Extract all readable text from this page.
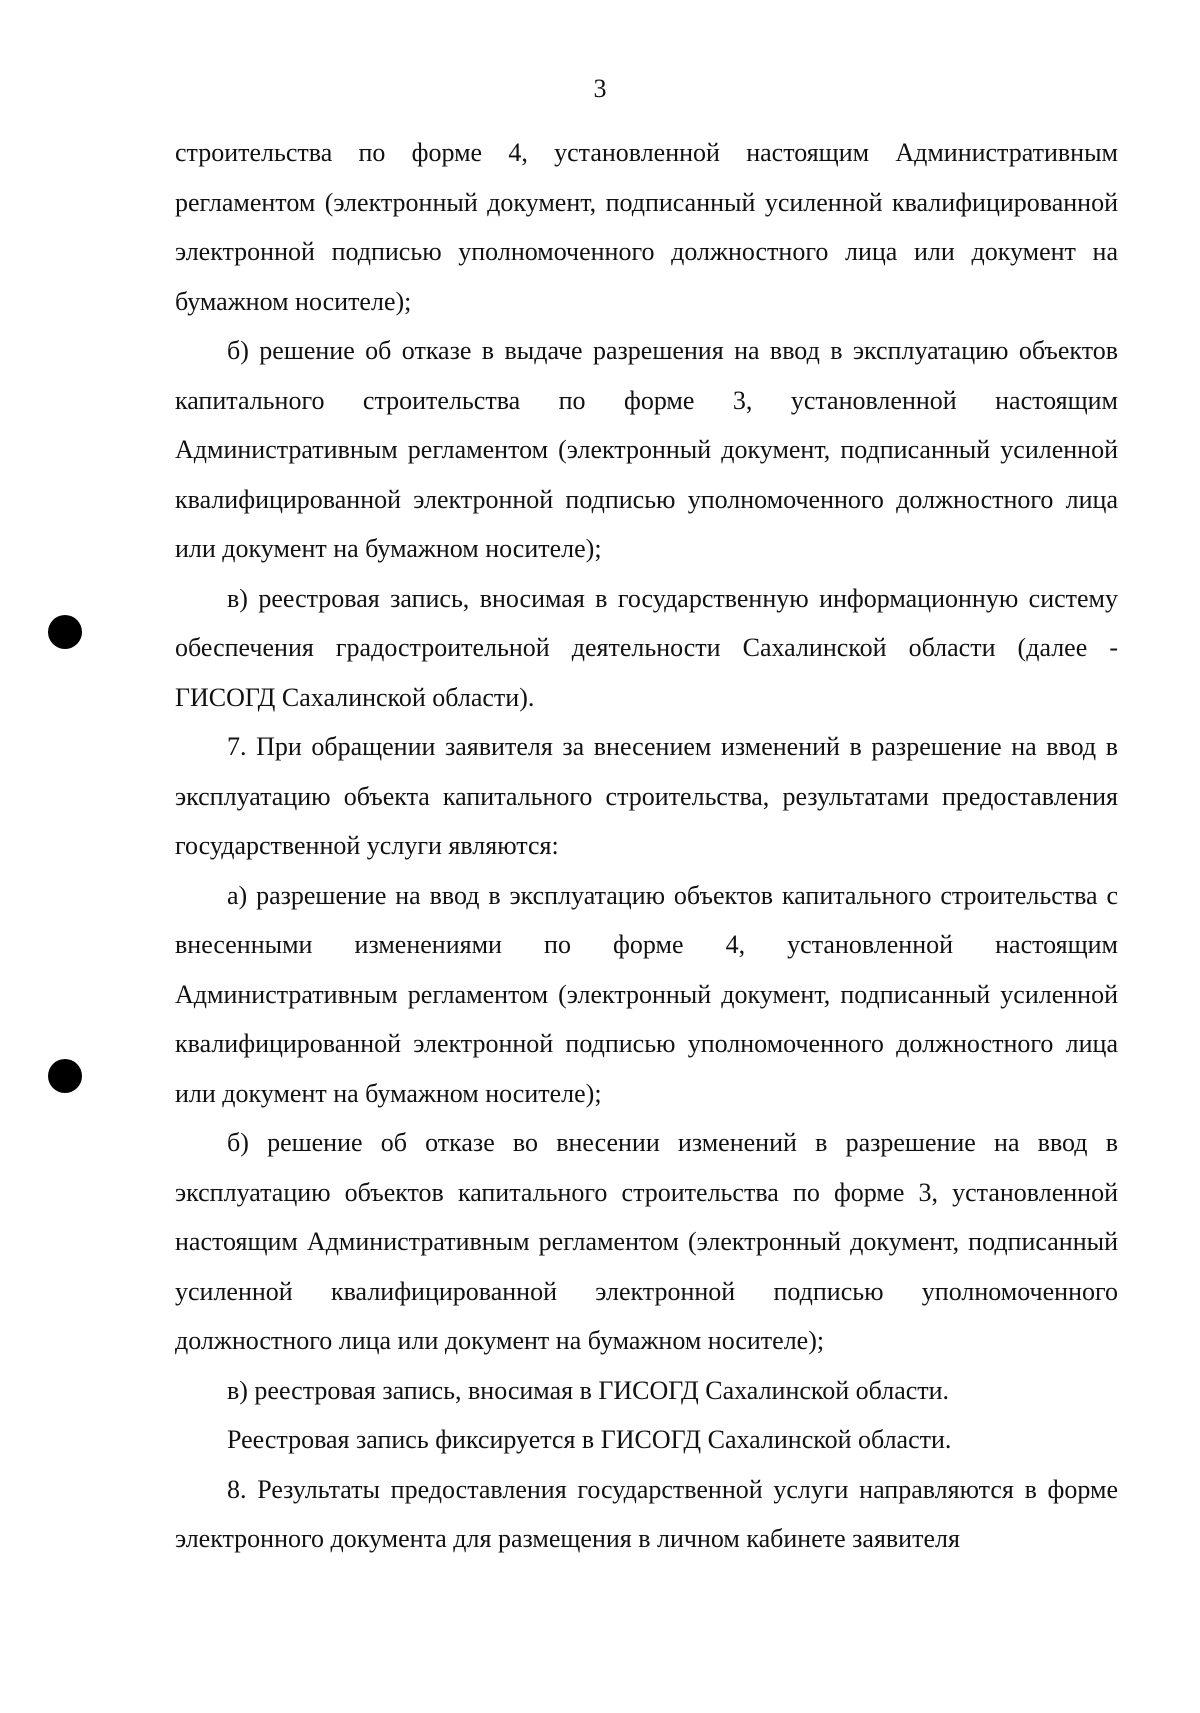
3

строительства по форме 4, установленной настоящим Административным регламентом (электронный документ, подписанный усиленной квалифицированной электронной подписью уполномоченного должностного лица или документ на бумажном носителе);

б) решение об отказе в выдаче разрешения на ввод в эксплуатацию объектов капитального строительства по форме 3, установленной настоящим Административным регламентом (электронный документ, подписанный усиленной квалифицированной электронной подписью уполномоченного должностного лица или документ на бумажном носителе);

в) реестровая запись, вносимая в государственную информационную систему обеспечения градостроительной деятельности Сахалинской области (далее - ГИСОГД Сахалинской области).

7. При обращении заявителя за внесением изменений в разрешение на ввод в эксплуатацию объекта капитального строительства, результатами предоставления государственной услуги являются:

а) разрешение на ввод в эксплуатацию объектов капитального строительства с внесенными изменениями по форме 4, установленной настоящим Административным регламентом (электронный документ, подписанный усиленной квалифицированной электронной подписью уполномоченного должностного лица или документ на бумажном носителе);

б) решение об отказе во внесении изменений в разрешение на ввод в эксплуатацию объектов капитального строительства по форме 3, установленной настоящим Административным регламентом (электронный документ, подписанный усиленной квалифицированной электронной подписью уполномоченного должностного лица или документ на бумажном носителе);

в) реестровая запись, вносимая в ГИСОГД Сахалинской области.

Реестровая запись фиксируется в ГИСОГД Сахалинской области.

8. Результаты предоставления государственной услуги направляются в форме электронного документа для размещения в личном кабинете заявителя
